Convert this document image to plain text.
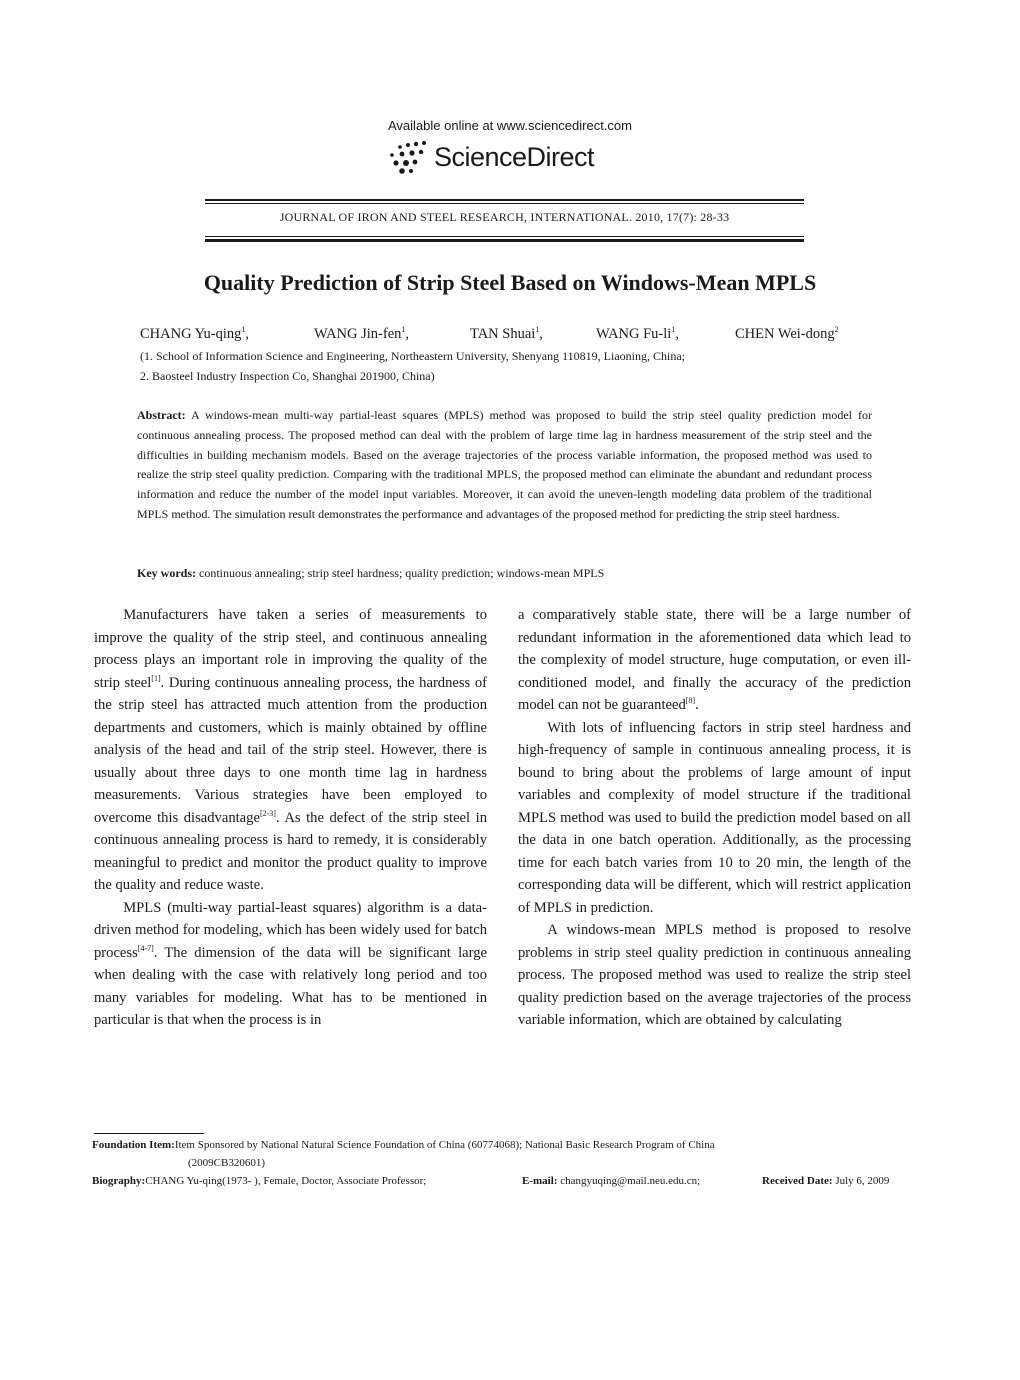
Available online at www.sciencedirect.com
ScienceDirect
JOURNAL OF IRON AND STEEL RESEARCH, INTERNATIONAL. 2010, 17(7): 28-33
Quality Prediction of Strip Steel Based on Windows-Mean MPLS
CHANG Yu-qing$^1$,	WANG Jin-fen$^1$,	TAN Shuai$^1$,	WANG $Fu-li^1$,	CHEN Wei-dong$^2$
(1. School of Information Science and Engineering, Northeastern University, Shenyang 110819, Liaoning, China;
2. Baosteel Industry Inspection Co, Shanghai 201900, China)
Abstract: A windows-mean multi-way partial-least squares (MPLS) method was proposed to build the strip steel quality prediction model for continuous annealing process. The proposed method can deal with the problem of large time lag in hardness measurement of the strip steel and the difficulties in building mechanism models. Based on the average trajectories of the process variable information, the proposed method was used to realize the strip steel quality prediction. Comparing with the traditional MPLS, the proposed method can eliminate the abundant and redundant process information and reduce the number of the model input variables. Moreover, it can avoid the uneven-length modeling data problem of the traditional MPLS method. The simulation result demonstrates the performance and advantages of the proposed method for predicting the strip steel hardness.
Key words: continuous annealing; strip steel hardness; quality prediction; windows-mean MPLS

Manufacturers have taken a series of measurements to improve the quality of the strip steel, and continuous annealing process plays an important role in improving the quality of the strip steel[1]. During continuous annealing process, the hardness of the strip steel has attracted much attention from the production departments and customers, which is mainly obtained by offline analysis of the head and tail of the strip steel. However, there is usually about three days to one month time lag in hardness measurements. Various strategies have been employed to overcome this disadvantage[2-3]. As the defect of the strip steel in continuous annealing process is hard to remedy, it is considerably meaningful to predict and monitor the product quality to improve the quality and reduce waste.

MPLS (multi-way partial-least squares) algorithm is a data-driven method for modeling, which has been widely used for batch process[4-7]. The dimension of the data will be significant large when dealing with the case with relatively long period and too many variables for modeling. What has to be mentioned in particular is that when the process is in

a comparatively stable state, there will be a large number of redundant information in the aforementioned data which lead to the complexity of model structure, huge computation, or even ill-conditioned model, and finally the accuracy of the prediction model can not be guaranteed[8].

With lots of influencing factors in strip steel hardness and high-frequency of sample in continuous annealing process, it is bound to bring about the problems of large amount of input variables and complexity of model structure if the traditional MPLS method was used to build the prediction model based on all the data in one batch operation. Additionally, as the processing time for each batch varies from 10 to 20 min, the length of the corresponding data will be different, which will restrict application of MPLS in prediction.

A windows-mean MPLS method is proposed to resolve problems in strip steel quality prediction in continuous annealing process. The proposed method was used to realize the strip steel quality prediction based on the average trajectories of the process variable information, which are obtained by calculating

Foundation Item:Item Sponsored by National Natural Science Foundation of China (60774068); National Basic Research Program of China
(2009CB320601)
Biography:CHANG Yu-qing(1973- ), Female, Doctor, Associate Professor;	E-mail: changyuqing@mail.neu.edu.cn;	Received Date: July 6, 2009
